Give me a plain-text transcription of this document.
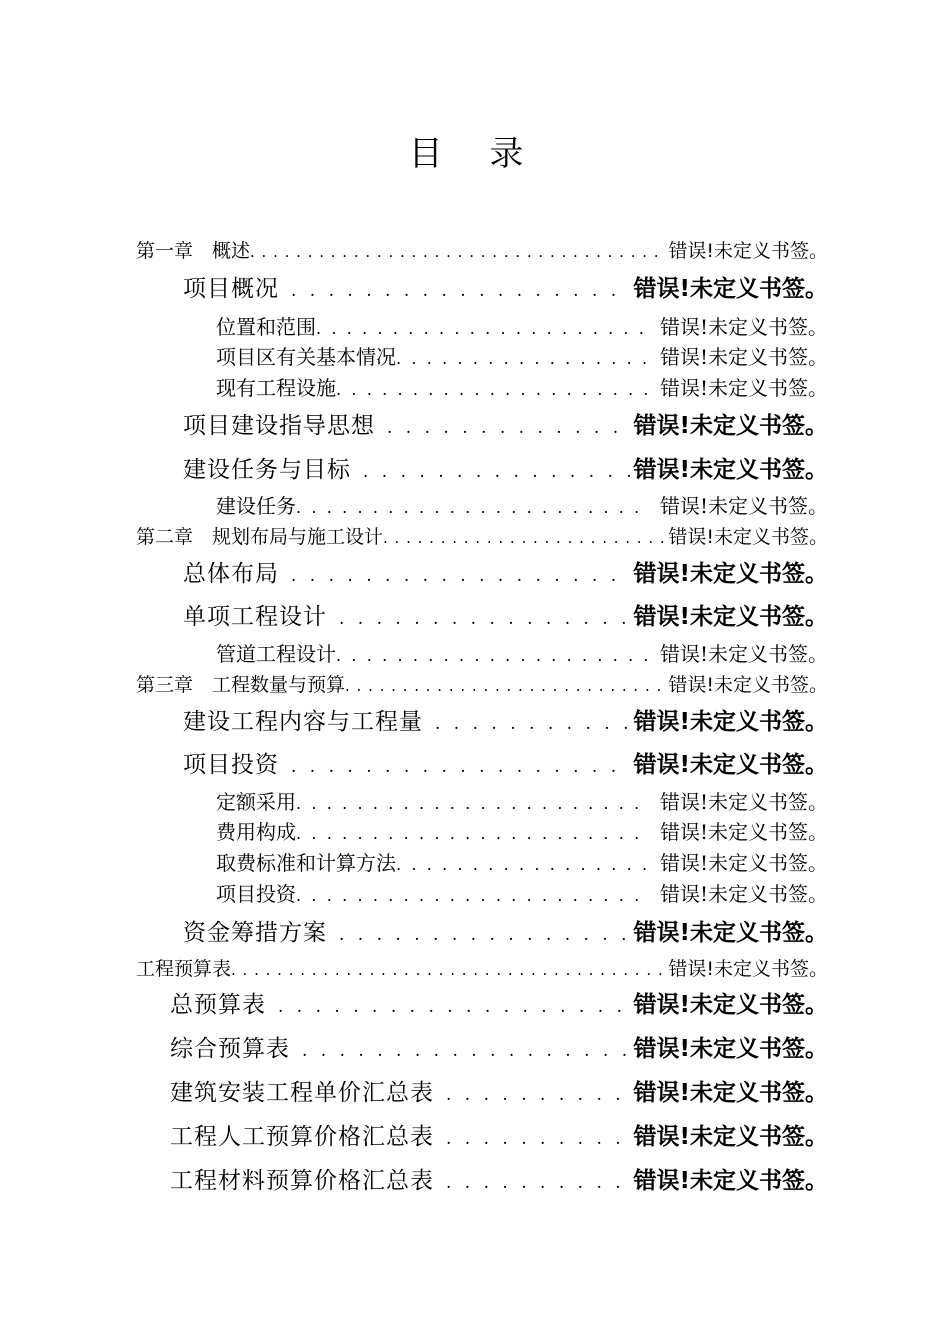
目 录
第一章　概述 . . .	错误!未定义书签。
项目概况 . . .	错误!未定义书签。
位置和范围 . . .	错误!未定义书签。
项目区有关基本情况 . . .	错误!未定义书签。
现有工程设施 . . .	错误!未定义书签。
项目建设指导思想 . . .	错误!未定义书签。
建设任务与目标 . . .	错误!未定义书签。
建设任务 . . .	错误!未定义书签。
第二章　规划布局与施工设计 . . .	错误!未定义书签。
总体布局 . . .	错误!未定义书签。
单项工程设计 . . .	错误!未定义书签。
管道工程设计 . . .	错误!未定义书签。
第三章　工程数量与预算 . . .	错误!未定义书签。
建设工程内容与工程量 . . .	错误!未定义书签。
项目投资 . . .	错误!未定义书签。
定额采用 . . .	错误!未定义书签。
费用构成 . . .	错误!未定义书签。
取费标准和计算方法 . . .	错误!未定义书签。
项目投资 . . .	错误!未定义书签。
资金筹措方案 . . .	错误!未定义书签。
工程预算表 . . .	错误!未定义书签。
总预算表 . . .	错误!未定义书签。
综合预算表 . . .	错误!未定义书签。
建筑安装工程单价汇总表 . . .	错误!未定义书签。
工程人工预算价格汇总表 . . .	错误!未定义书签。
工程材料预算价格汇总表 . . .	错误!未定义书签。
